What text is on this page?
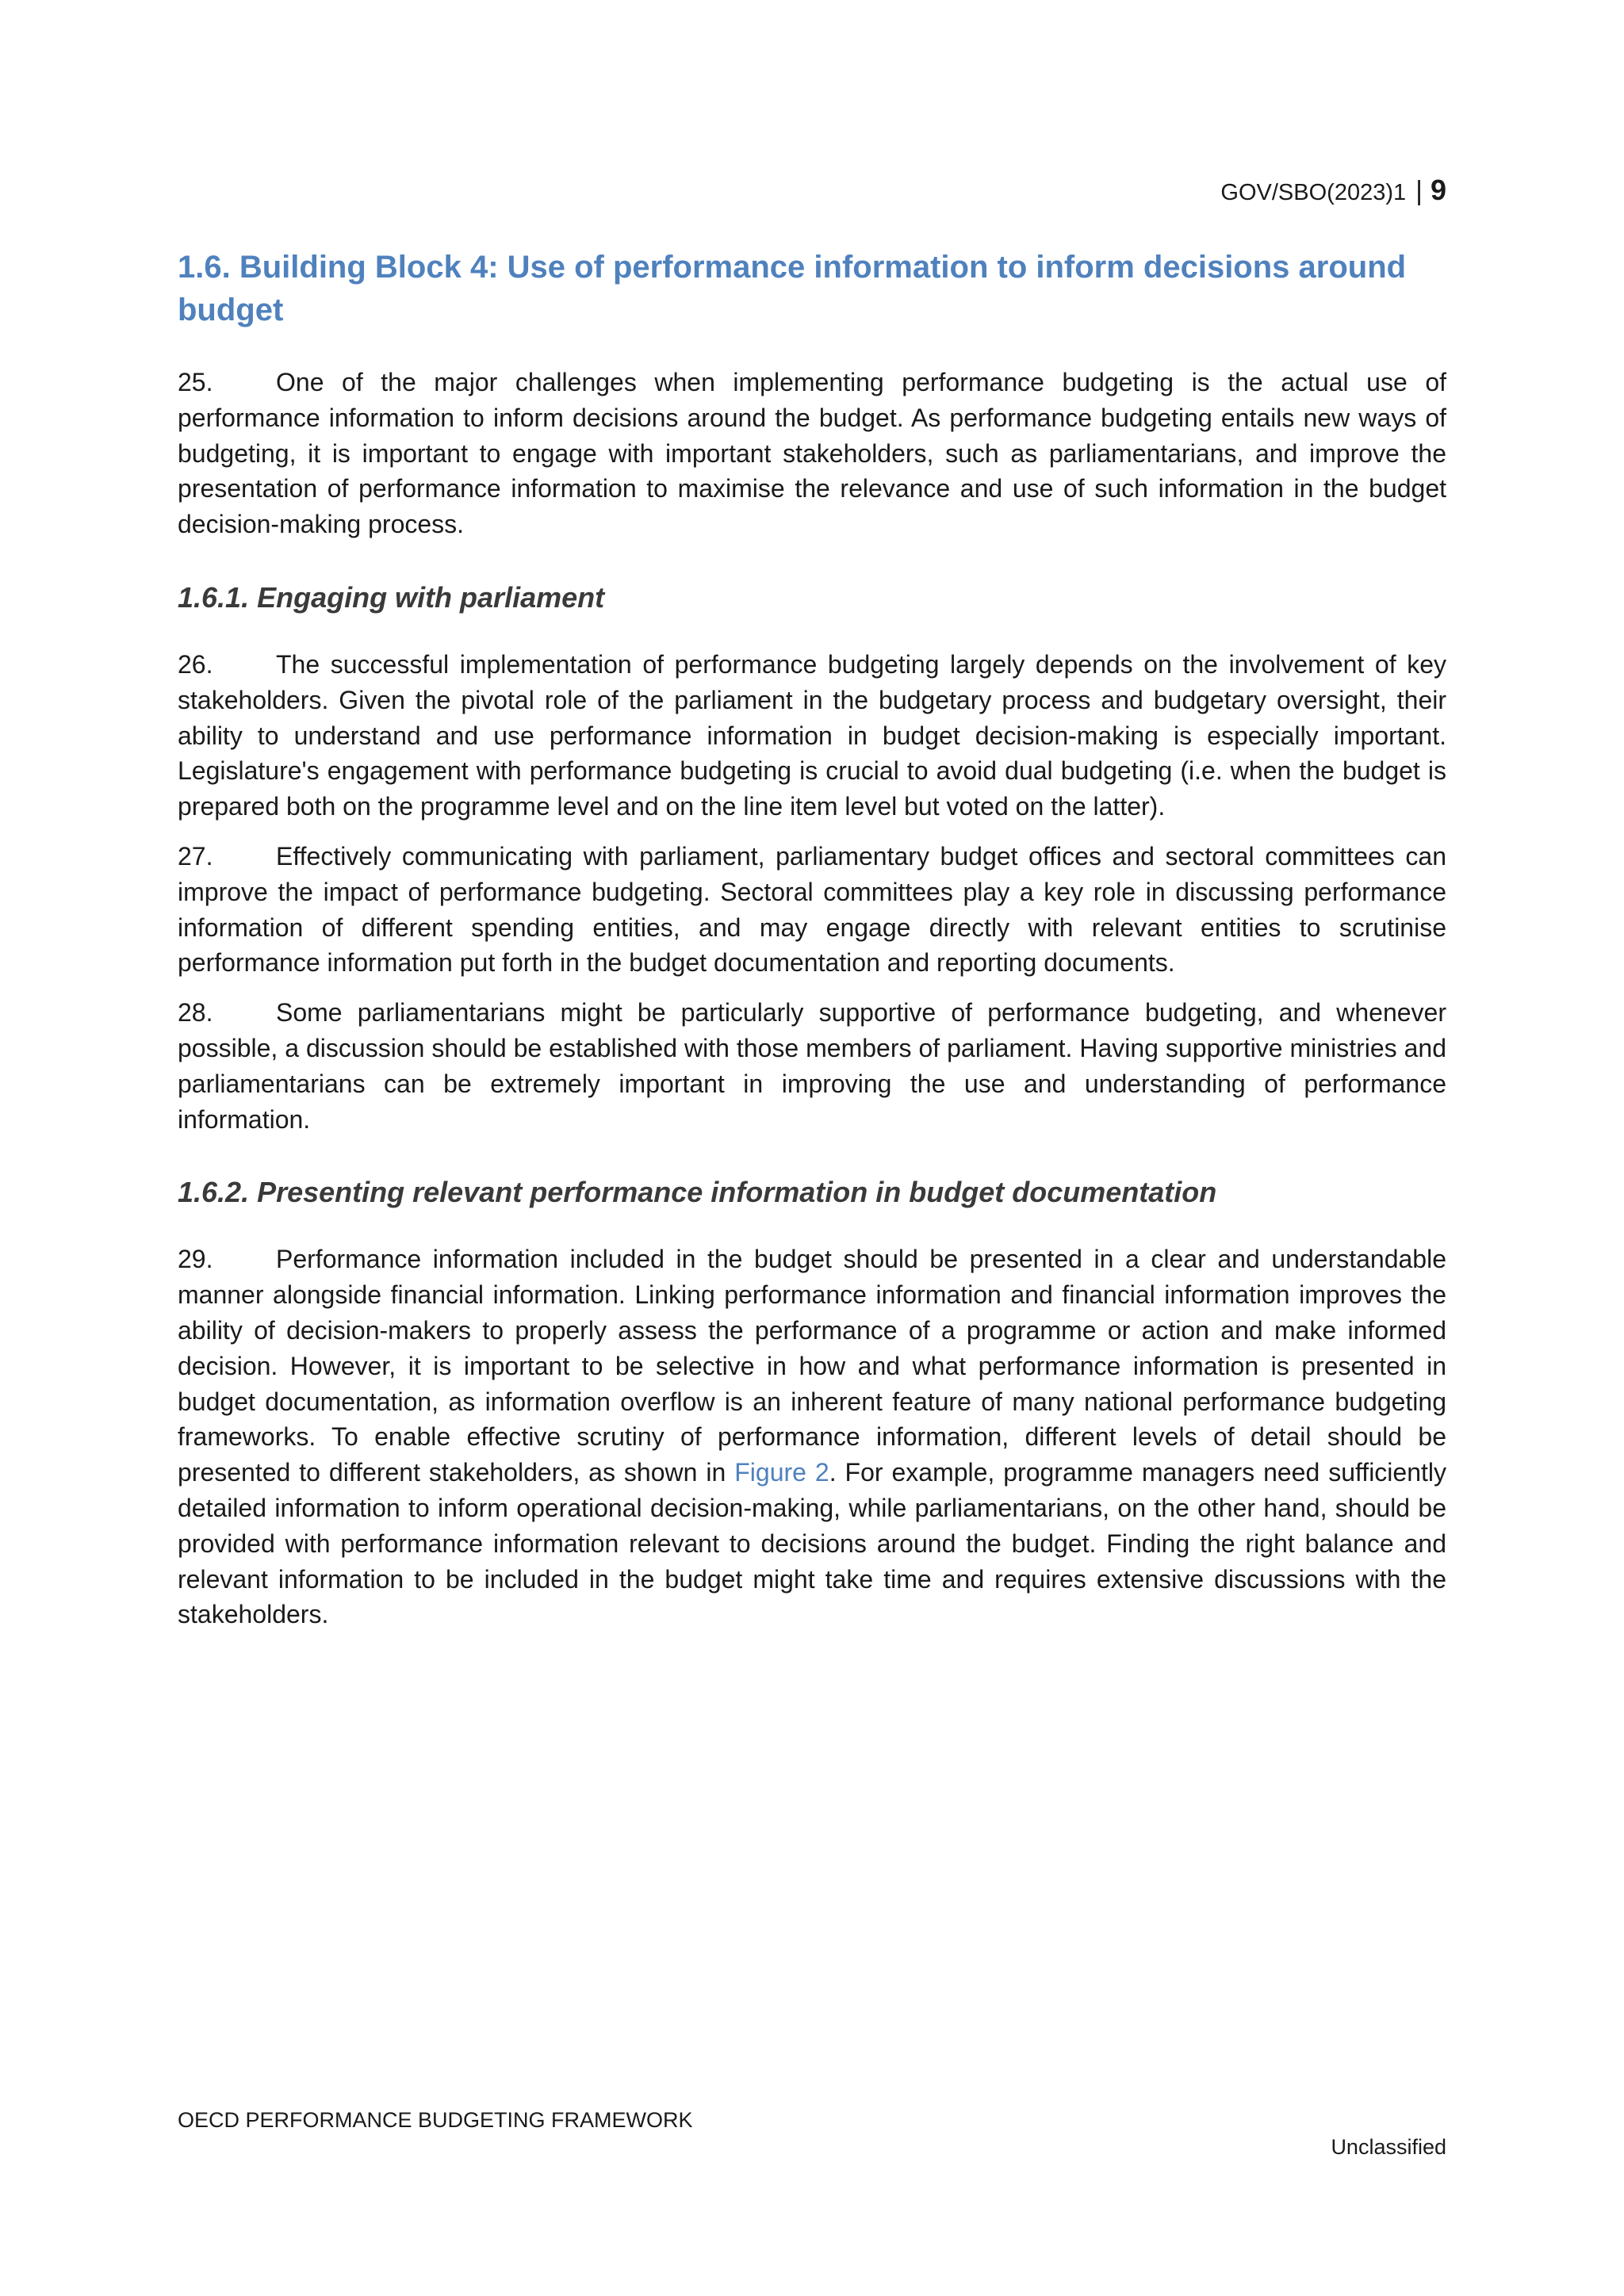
GOV/SBO(2023)1 | 9
1.6. Building Block 4: Use of performance information to inform decisions around budget

25. One of the major challenges when implementing performance budgeting is the actual use of performance information to inform decisions around the budget. As performance budgeting entails new ways of budgeting, it is important to engage with important stakeholders, such as parliamentarians, and improve the presentation of performance information to maximise the relevance and use of such information in the budget decision-making process.

1.6.1. Engaging with parliament

26. The successful implementation of performance budgeting largely depends on the involvement of key stakeholders. Given the pivotal role of the parliament in the budgetary process and budgetary oversight, their ability to understand and use performance information in budget decision-making is especially important. Legislature's engagement with performance budgeting is crucial to avoid dual budgeting (i.e. when the budget is prepared both on the programme level and on the line item level but voted on the latter).

27. Effectively communicating with parliament, parliamentary budget offices and sectoral committees can improve the impact of performance budgeting. Sectoral committees play a key role in discussing performance information of different spending entities, and may engage directly with relevant entities to scrutinise performance information put forth in the budget documentation and reporting documents.

28. Some parliamentarians might be particularly supportive of performance budgeting, and whenever possible, a discussion should be established with those members of parliament. Having supportive ministries and parliamentarians can be extremely important in improving the use and understanding of performance information.

1.6.2. Presenting relevant performance information in budget documentation

29. Performance information included in the budget should be presented in a clear and understandable manner alongside financial information. Linking performance information and financial information improves the ability of decision-makers to properly assess the performance of a programme or action and make informed decision. However, it is important to be selective in how and what performance information is presented in budget documentation, as information overflow is an inherent feature of many national performance budgeting frameworks. To enable effective scrutiny of performance information, different levels of detail should be presented to different stakeholders, as shown in Figure 2. For example, programme managers need sufficiently detailed information to inform operational decision-making, while parliamentarians, on the other hand, should be provided with performance information relevant to decisions around the budget. Finding the right balance and relevant information to be included in the budget might take time and requires extensive discussions with the stakeholders.

OECD PERFORMANCE BUDGETING FRAMEWORK
Unclassified
